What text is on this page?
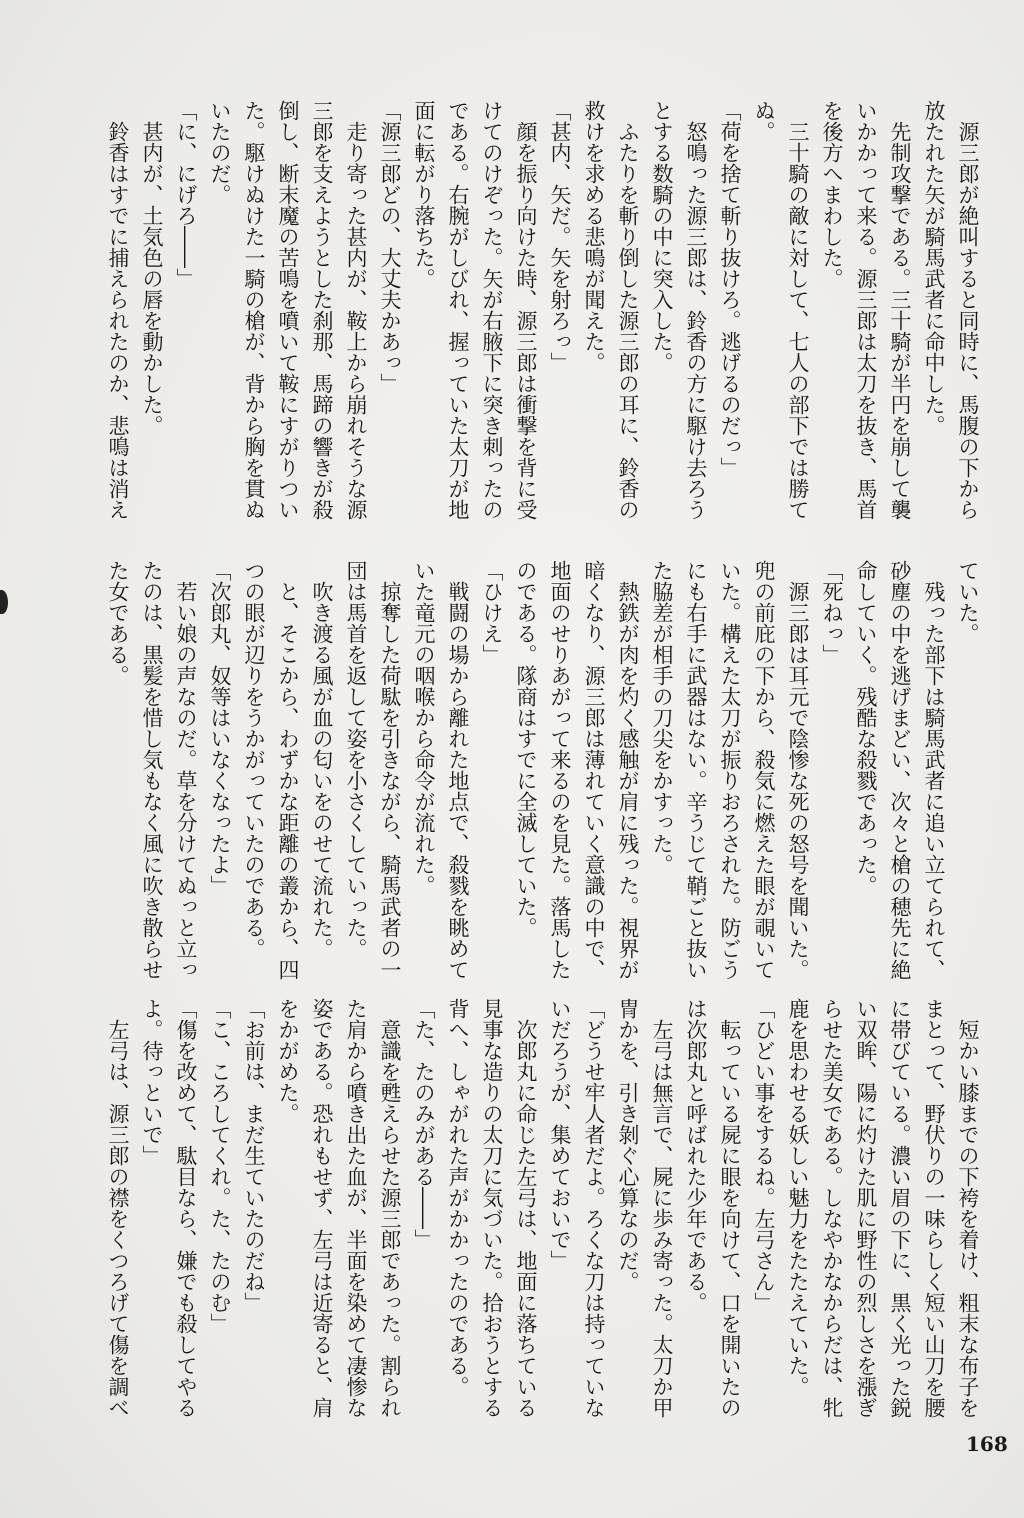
　源三郎が絶叫すると同時に、馬腹の下から
放たれた矢が騎馬武者に命中した。
　先制攻撃である。三十騎が半円を崩して襲
いかかって来る。源三郎は太刀を抜き、馬首
を後方へまわした。
　三十騎の敵に対して、七人の部下では勝て
ぬ。
「荷を捨て斬り抜けろ。逃げるのだっ」
　怒鳴った源三郎は、鈴香の方に駆け去ろう
とする数騎の中に突入した。
　ふたりを斬り倒した源三郎の耳に、鈴香の
救けを求める悲鳴が聞えた。
「甚内、矢だ。矢を射ろっ」
　顔を振り向けた時、源三郎は衝撃を背に受
けてのけぞった。矢が右腋下に突き刺ったの
である。右腕がしびれ、握っていた太刀が地
面に転がり落ちた。
「源三郎どの、大丈夫かあっ」
　走り寄った甚内が、鞍上から崩れそうな源
三郎を支えようとした刹那、馬蹄の響きが殺
倒し、断末魔の苦鳴を噴いて鞍にすがりつい
た。駆けぬけた一騎の槍が、背から胸を貫ぬ
いたのだ。
「に、にげろ――」
　甚内が、土気色の唇を動かした。
　鈴香はすでに捕えられたのか、悲鳴は消え
ていた。
　残った部下は騎馬武者に追い立てられて、
砂塵の中を逃げまどい、次々と槍の穂先に絶
命していく。残酷な殺戮であった。
「死ねっ」
　源三郎は耳元で陰惨な死の怒号を聞いた。
兜の前庇の下から、殺気に燃えた眼が覗いて
いた。構えた太刀が振りおろされた。防ごう
にも右手に武器はない。辛うじて鞘ごと抜い
た脇差が相手の刀尖をかすった。
　熱鉄が肉を灼く感触が肩に残った。視界が
暗くなり、源三郎は薄れていく意識の中で、
地面のせりあがって来るのを見た。落馬した
のである。隊商はすでに全滅していた。
「ひけえ」
　戦闘の場から離れた地点で、殺戮を眺めて
いた竜元の咽喉から命令が流れた。
　掠奪した荷駄を引きながら、騎馬武者の一
団は馬首を返して姿を小さくしていった。
　吹き渡る風が血の匂いをのせて流れた。
　と、そこから、わずかな距離の叢から、四
つの眼が辺りをうかがっていたのである。
「次郎丸、奴等はいなくなったよ」
　若い娘の声なのだ。草を分けてぬっと立っ
たのは、黒髪を惜し気もなく風に吹き散らせ
た女である。
　短かい膝までの下袴を着け、粗末な布子を
まとって、野伏りの一味らしく短い山刀を腰
に帯びている。濃い眉の下に、黒く光った鋭
い双眸、陽に灼けた肌に野性の烈しさを漲ぎ
らせた美女である。しなやかなからだは、牝
鹿を思わせる妖しい魅力をたたえていた。
「ひどい事をするね。左弓さん」
　転っている屍に眼を向けて、口を開いたの
は次郎丸と呼ばれた少年である。
　左弓は無言で、屍に歩み寄った。太刀か甲
冑かを、引き剝ぐ心算なのだ。
「どうせ牢人者だよ。ろくな刀は持っていな
いだろうが、集めておいで」
　次郎丸に命じた左弓は、地面に落ちている
見事な造りの太刀に気づいた。拾おうとする
背へ、しゃがれた声がかかったのである。
「た、たのみがある――」
　意識を甦えらせた源三郎であった。割られ
た肩から噴き出た血が、半面を染めて凄惨な
姿である。恐れもせず、左弓は近寄ると、肩
をかがめた。
「お前は、まだ生ていたのだね」
「こ、ころしてくれ。た、たのむ」
「傷を改めて、駄目なら、嫌でも殺してやる
よ。待っといで」
　左弓は、源三郎の襟をくつろげて傷を調べ
168
